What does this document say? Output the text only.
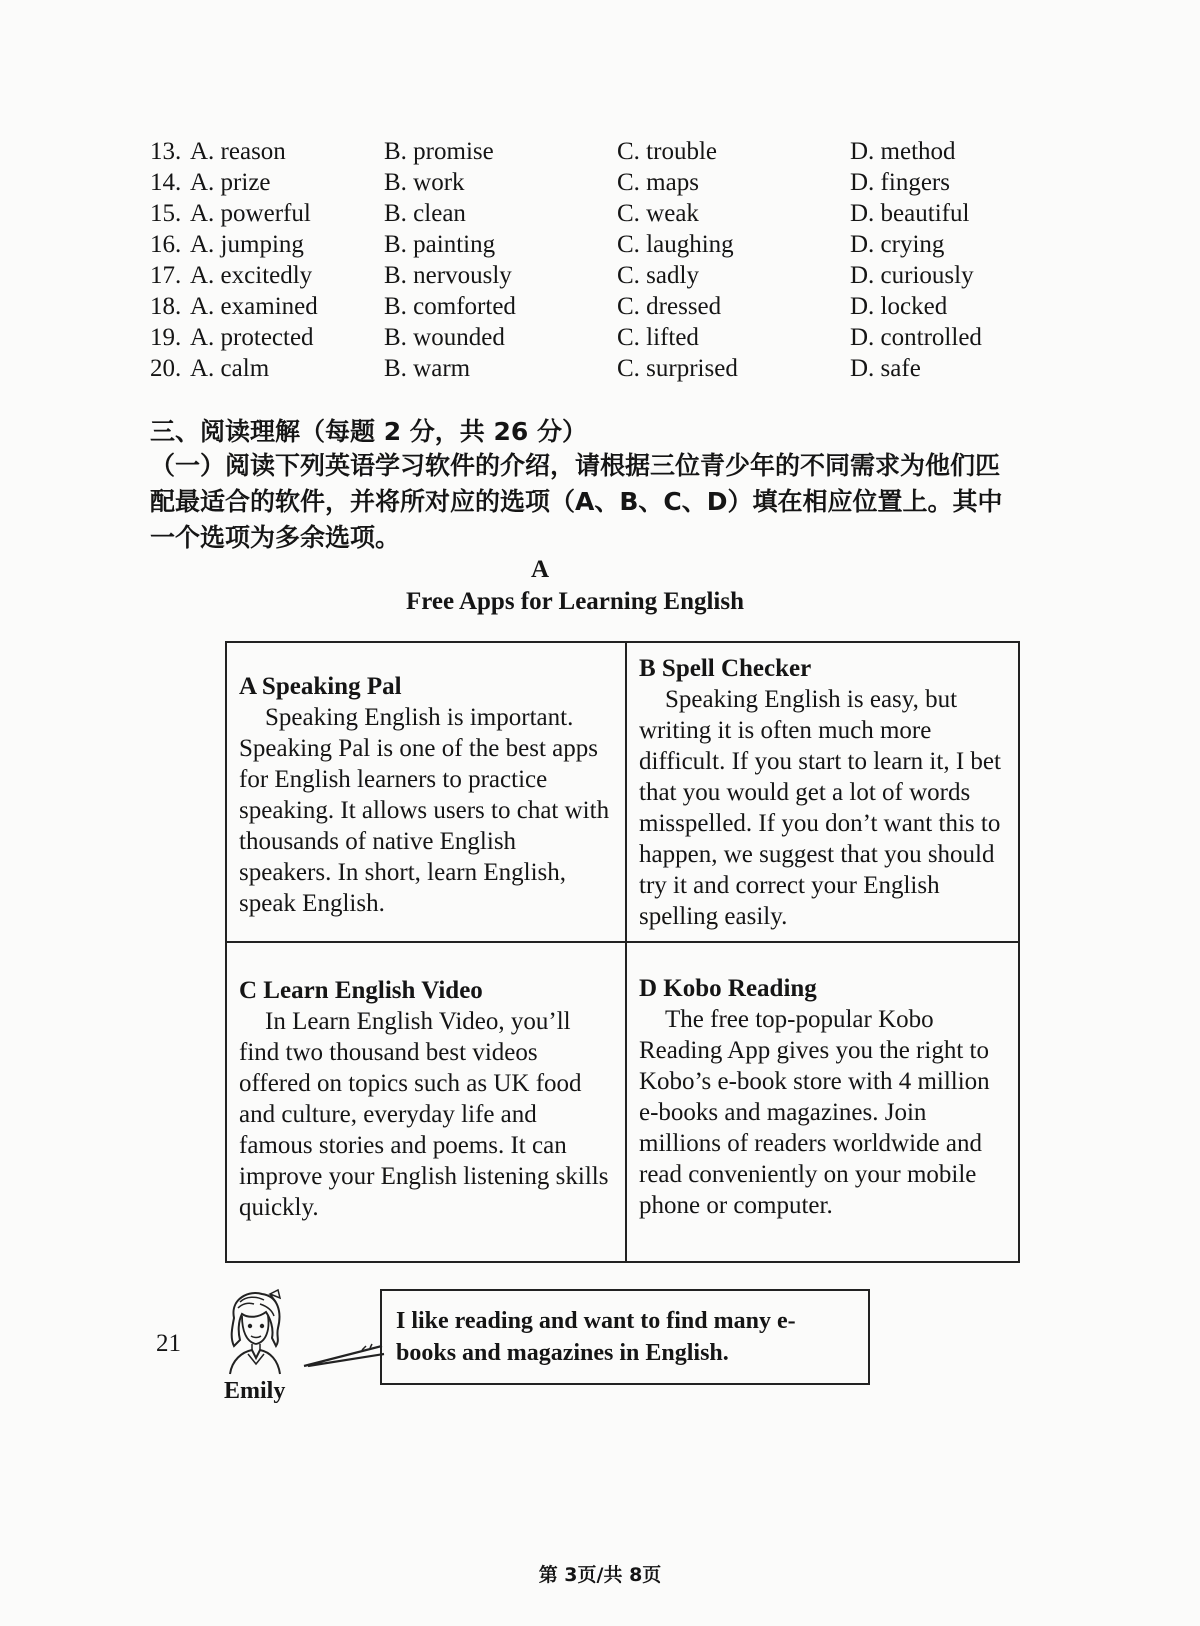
13. A. reason	B. promise	C. trouble	D. method
14. A. prize	B. work	C. maps	D. fingers
15. A. powerful	B. clean	C. weak	D. beautiful
16. A. jumping	B. painting	C. laughing	D. crying
17. A. excitedly	B. nervously	C. sadly	D. curiously
18. A. examined	B. comforted	C. dressed	D. locked
19. A. protected	B. wounded	C. lifted	D. controlled
20. A. calm	B. warm	C. surprised	D. safe
三、阅读理解（每题 2 分，共 26 分）
（一）阅读下列英语学习软件的介绍，请根据三位青少年的不同需求为他们匹
配最适合的软件，并将所对应的选项（A、B、C、D）填在相应位置上。其中
一个选项为多余选项。
A
Free Apps for Learning English
A Speaking Pal
Speaking English is important. Speaking Pal is one of the best apps for English learners to practice speaking. It allows users to chat with thousands of native English speakers. In short, learn English, speak English.
B Spell Checker
Speaking English is easy, but writing it is often much more difficult. If you start to learn it, I bet that you would get a lot of words misspelled. If you don’t want this to happen, we suggest that you should try it and correct your English spelling easily.
C Learn English Video
In Learn English Video, you’ll find two thousand best videos offered on topics such as UK food and culture, everyday life and famous stories and poems. It can improve your English listening skills quickly.
D Kobo Reading
The free top-popular Kobo Reading App gives you the right to Kobo’s e-book store with 4 million e-books and magazines. Join millions of readers worldwide and read conveniently on your mobile phone or computer.
21
Emily
I like reading and want to find many e-books and magazines in English.
第 3页/共 8页
